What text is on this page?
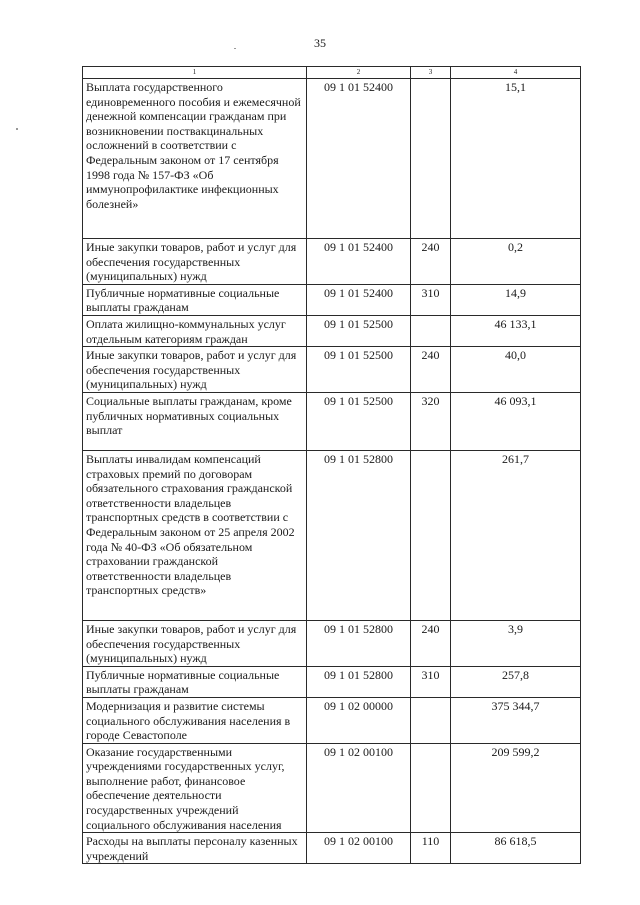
35
1	2	3	4
Выплата государственного единовременного пособия и ежемесячной денежной компенсации гражданам при возникновении поствакцинальных осложнений в соответствии с Федеральным законом от 17 сентября 1998 года № 157-ФЗ «Об иммунопрофилактике инфекционных болезней»	09 1 01 52400		15,1
Иные закупки товаров, работ и услуг для обеспечения государственных (муниципальных) нужд	09 1 01 52400	240	0,2
Публичные нормативные социальные выплаты гражданам	09 1 01 52400	310	14,9
Оплата жилищно-коммунальных услуг отдельным категориям граждан	09 1 01 52500		46 133,1
Иные закупки товаров, работ и услуг для обеспечения государственных (муниципальных) нужд	09 1 01 52500	240	40,0
Социальные выплаты гражданам, кроме публичных нормативных социальных выплат	09 1 01 52500	320	46 093,1
Выплаты инвалидам компенсаций страховых премий по договорам обязательного страхования гражданской ответственности владельцев транспортных средств в соответствии с Федеральным законом от 25 апреля 2002 года № 40-ФЗ «Об обязательном страховании гражданской ответственности владельцев транспортных средств»	09 1 01 52800		261,7
Иные закупки товаров, работ и услуг для обеспечения государственных (муниципальных) нужд	09 1 01 52800	240	3,9
Публичные нормативные социальные выплаты гражданам	09 1 01 52800	310	257,8
Модернизация и развитие системы социального обслуживания населения в городе Севастополе	09 1 02 00000		375 344,7
Оказание государственными учреждениями государственных услуг, выполнение работ, финансовое обеспечение деятельности государственных учреждений социального обслуживания населения	09 1 02 00100		209 599,2
Расходы на выплаты персоналу казенных учреждений	09 1 02 00100	110	86 618,5
